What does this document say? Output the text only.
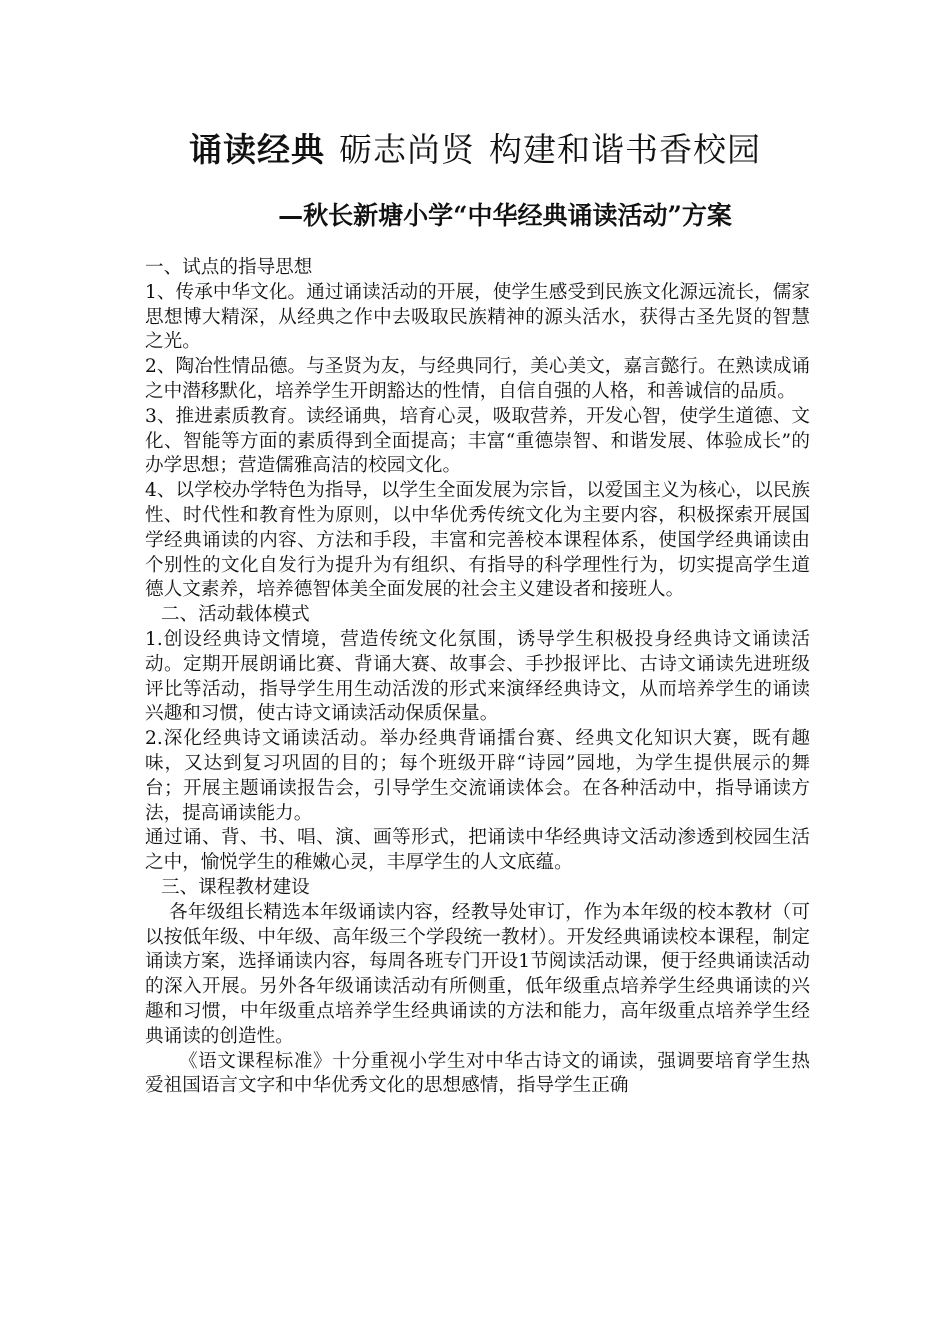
诵读经典 砺志尚贤 构建和谐书香校园
—秋长新塘小学“中华经典诵读活动”方案

一、试点的指导思想

1、传承中华文化。通过诵读活动的开展，使学生感受到民族文化源远流长，儒家思想博大精深，从经典之作中去吸取民族精神的源头活水，获得古圣先贤的智慧之光。

2、陶冶性情品德。与圣贤为友，与经典同行，美心美文，嘉言懿行。在熟读成诵之中潜移默化，培养学生开朗豁达的性情，自信自强的人格，和善诚信的品质。

3、推进素质教育。读经诵典，培育心灵，吸取营养，开发心智，使学生道德、文化、智能等方面的素质得到全面提高；丰富“重德崇智、和谐发展、体验成长”的办学思想；营造儒雅高洁的校园文化。

4、以学校办学特色为指导，以学生全面发展为宗旨，以爱国主义为核心，以民族性、时代性和教育性为原则，以中华优秀传统文化为主要内容，积极探索开展国学经典诵读的内容、方法和手段，丰富和完善校本课程体系，使国学经典诵读由个别性的文化自发行为提升为有组织、有指导的科学理性行为，切实提高学生道德人文素养，培养德智体美全面发展的社会主义建设者和接班人。

二、活动载体模式

1.创设经典诗文情境，营造传统文化氛围，诱导学生积极投身经典诗文诵读活动。定期开展朗诵比赛、背诵大赛、故事会、手抄报评比、古诗文诵读先进班级评比等活动，指导学生用生动活泼的形式来演绎经典诗文，从而培养学生的诵读兴趣和习惯，使古诗文诵读活动保质保量。

2.深化经典诗文诵读活动。举办经典背诵擂台赛、经典文化知识大赛，既有趣味，又达到复习巩固的目的；每个班级开辟“诗园”园地，为学生提供展示的舞台；开展主题诵读报告会，引导学生交流诵读体会。在各种活动中，指导诵读方法，提高诵读能力。

通过诵、背、书、唱、演、画等形式，把诵读中华经典诗文活动渗透到校园生活之中，愉悦学生的稚嫩心灵，丰厚学生的人文底蕴。

三、课程教材建设

各年级组长精选本年级诵读内容，经教导处审订，作为本年级的校本教材（可以按低年级、中年级、高年级三个学段统一教材）。开发经典诵读校本课程，制定诵读方案，选择诵读内容，每周各班专门开设1节阅读活动课，便于经典诵读活动的深入开展。另外各年级诵读活动有所侧重，低年级重点培养学生经典诵读的兴趣和习惯，中年级重点培养学生经典诵读的方法和能力，高年级重点培养学生经典诵读的创造性。

《语文课程标准》十分重视小学生对中华古诗文的诵读，强调要培育学生热爱祖国语言文字和中华优秀文化的思想感情，指导学生正确
